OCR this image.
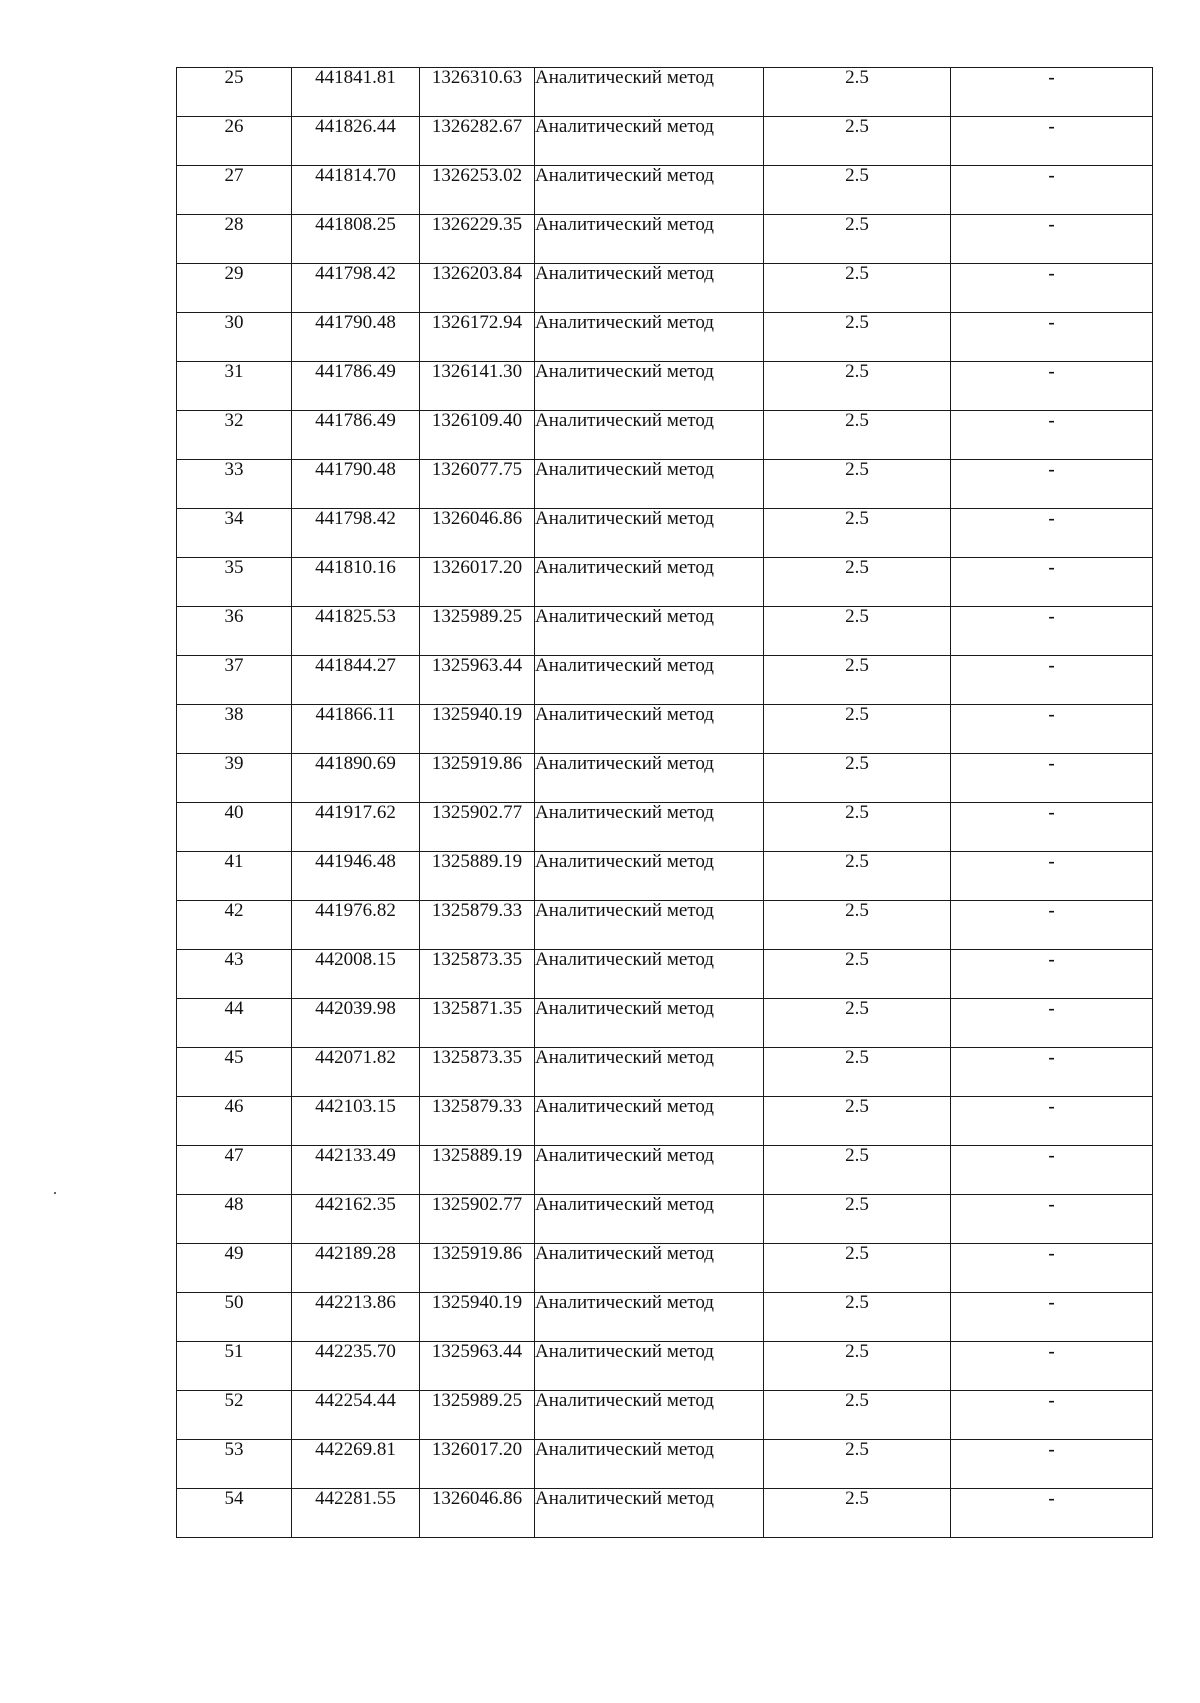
25	441841.81	1326310.63	Аналитический метод	2.5	-
26	441826.44	1326282.67	Аналитический метод	2.5	-
27	441814.70	1326253.02	Аналитический метод	2.5	-
28	441808.25	1326229.35	Аналитический метод	2.5	-
29	441798.42	1326203.84	Аналитический метод	2.5	-
30	441790.48	1326172.94	Аналитический метод	2.5	-
31	441786.49	1326141.30	Аналитический метод	2.5	-
32	441786.49	1326109.40	Аналитический метод	2.5	-
33	441790.48	1326077.75	Аналитический метод	2.5	-
34	441798.42	1326046.86	Аналитический метод	2.5	-
35	441810.16	1326017.20	Аналитический метод	2.5	-
36	441825.53	1325989.25	Аналитический метод	2.5	-
37	441844.27	1325963.44	Аналитический метод	2.5	-
38	441866.11	1325940.19	Аналитический метод	2.5	-
39	441890.69	1325919.86	Аналитический метод	2.5	-
40	441917.62	1325902.77	Аналитический метод	2.5	-
41	441946.48	1325889.19	Аналитический метод	2.5	-
42	441976.82	1325879.33	Аналитический метод	2.5	-
43	442008.15	1325873.35	Аналитический метод	2.5	-
44	442039.98	1325871.35	Аналитический метод	2.5	-
45	442071.82	1325873.35	Аналитический метод	2.5	-
46	442103.15	1325879.33	Аналитический метод	2.5	-
47	442133.49	1325889.19	Аналитический метод	2.5	-
48	442162.35	1325902.77	Аналитический метод	2.5	-
49	442189.28	1325919.86	Аналитический метод	2.5	-
50	442213.86	1325940.19	Аналитический метод	2.5	-
51	442235.70	1325963.44	Аналитический метод	2.5	-
52	442254.44	1325989.25	Аналитический метод	2.5	-
53	442269.81	1326017.20	Аналитический метод	2.5	-
54	442281.55	1326046.86	Аналитический метод	2.5	-
